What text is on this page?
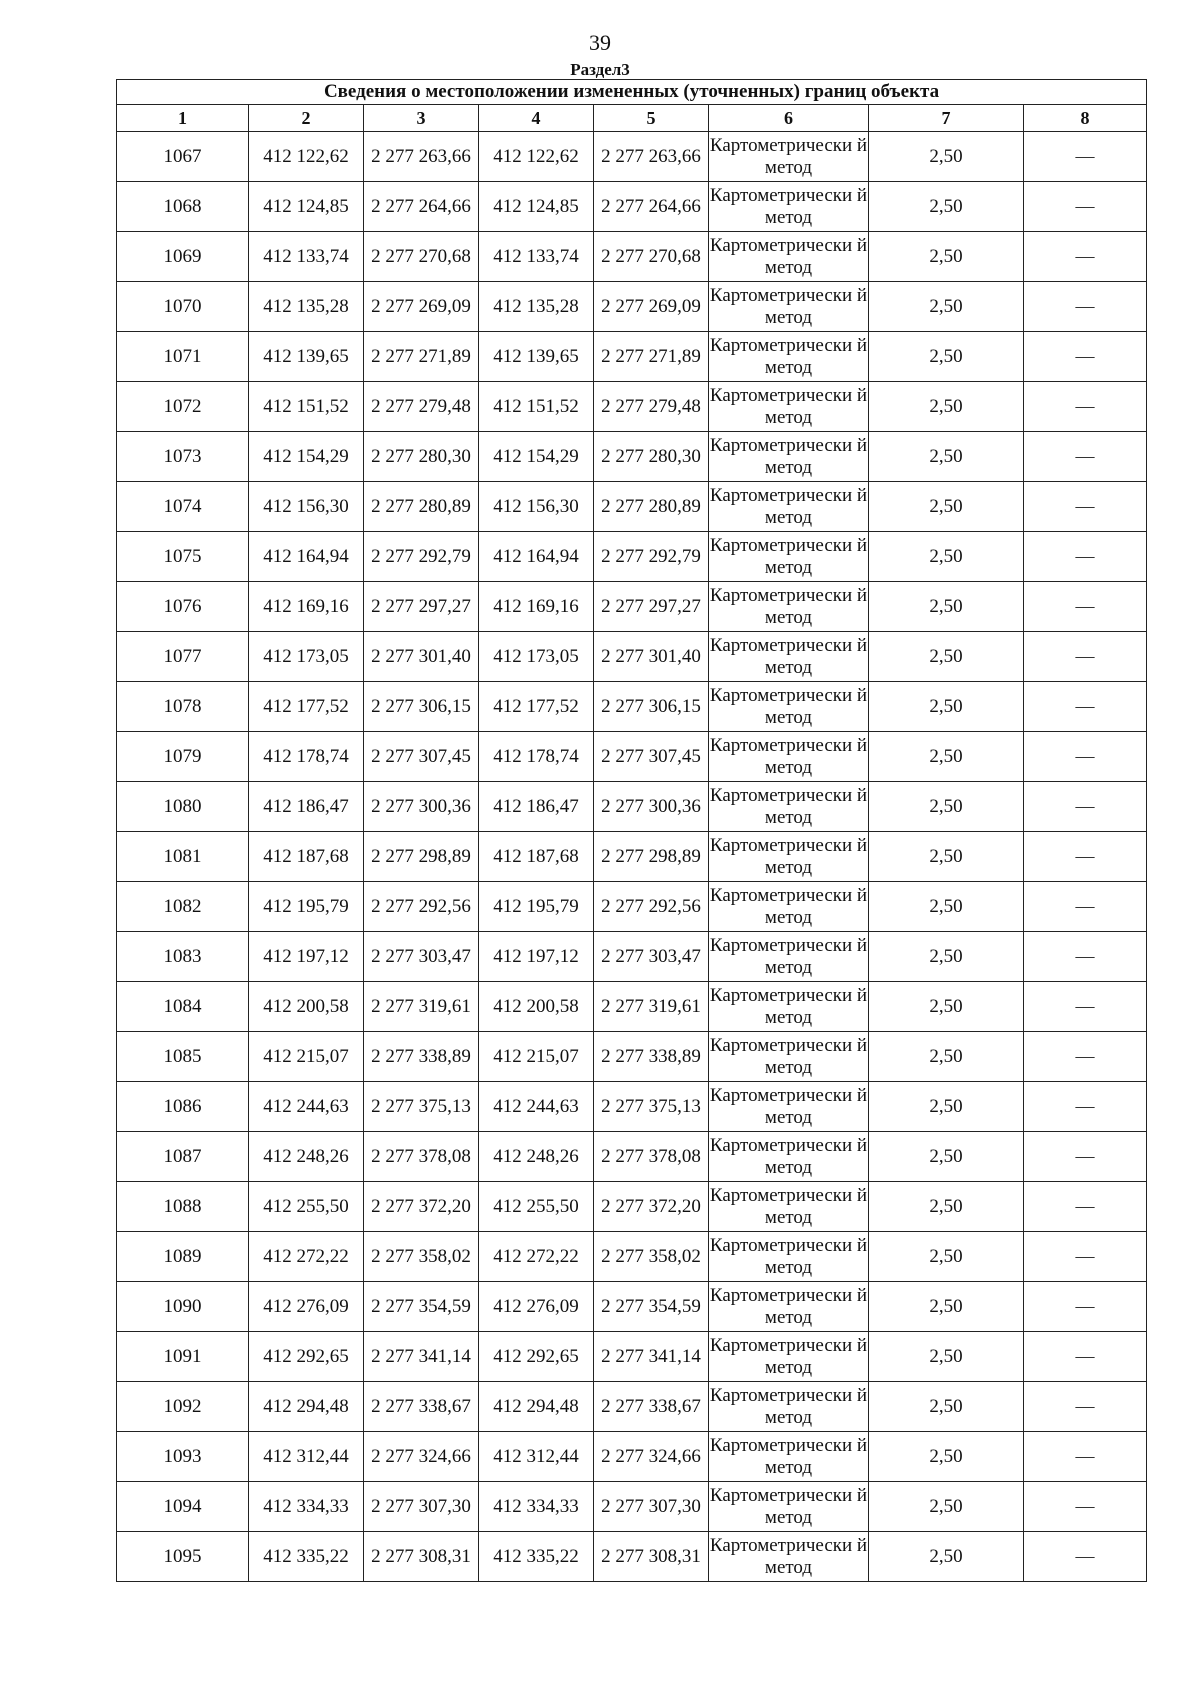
39
Раздел3
Сведения о местоположении измененных (уточненных) границ объекта							
1	2	3	4	5	6	7	8
1067	412 122,62	2 277 263,66	412 122,62	2 277 263,66	Картометрически й метод	2,50	—
1068	412 124,85	2 277 264,66	412 124,85	2 277 264,66	Картометрически й метод	2,50	—
1069	412 133,74	2 277 270,68	412 133,74	2 277 270,68	Картометрически й метод	2,50	—
1070	412 135,28	2 277 269,09	412 135,28	2 277 269,09	Картометрически й метод	2,50	—
1071	412 139,65	2 277 271,89	412 139,65	2 277 271,89	Картометрически й метод	2,50	—
1072	412 151,52	2 277 279,48	412 151,52	2 277 279,48	Картометрически й метод	2,50	—
1073	412 154,29	2 277 280,30	412 154,29	2 277 280,30	Картометрически й метод	2,50	—
1074	412 156,30	2 277 280,89	412 156,30	2 277 280,89	Картометрически й метод	2,50	—
1075	412 164,94	2 277 292,79	412 164,94	2 277 292,79	Картометрически й метод	2,50	—
1076	412 169,16	2 277 297,27	412 169,16	2 277 297,27	Картометрически й метод	2,50	—
1077	412 173,05	2 277 301,40	412 173,05	2 277 301,40	Картометрически й метод	2,50	—
1078	412 177,52	2 277 306,15	412 177,52	2 277 306,15	Картометрически й метод	2,50	—
1079	412 178,74	2 277 307,45	412 178,74	2 277 307,45	Картометрически й метод	2,50	—
1080	412 186,47	2 277 300,36	412 186,47	2 277 300,36	Картометрически й метод	2,50	—
1081	412 187,68	2 277 298,89	412 187,68	2 277 298,89	Картометрически й метод	2,50	—
1082	412 195,79	2 277 292,56	412 195,79	2 277 292,56	Картометрически й метод	2,50	—
1083	412 197,12	2 277 303,47	412 197,12	2 277 303,47	Картометрически й метод	2,50	—
1084	412 200,58	2 277 319,61	412 200,58	2 277 319,61	Картометрически й метод	2,50	—
1085	412 215,07	2 277 338,89	412 215,07	2 277 338,89	Картометрически й метод	2,50	—
1086	412 244,63	2 277 375,13	412 244,63	2 277 375,13	Картометрически й метод	2,50	—
1087	412 248,26	2 277 378,08	412 248,26	2 277 378,08	Картометрически й метод	2,50	—
1088	412 255,50	2 277 372,20	412 255,50	2 277 372,20	Картометрически й метод	2,50	—
1089	412 272,22	2 277 358,02	412 272,22	2 277 358,02	Картометрически й метод	2,50	—
1090	412 276,09	2 277 354,59	412 276,09	2 277 354,59	Картометрически й метод	2,50	—
1091	412 292,65	2 277 341,14	412 292,65	2 277 341,14	Картометрически й метод	2,50	—
1092	412 294,48	2 277 338,67	412 294,48	2 277 338,67	Картометрически й метод	2,50	—
1093	412 312,44	2 277 324,66	412 312,44	2 277 324,66	Картометрически й метод	2,50	—
1094	412 334,33	2 277 307,30	412 334,33	2 277 307,30	Картометрически й метод	2,50	—
1095	412 335,22	2 277 308,31	412 335,22	2 277 308,31	Картометрически й метод	2,50	—
